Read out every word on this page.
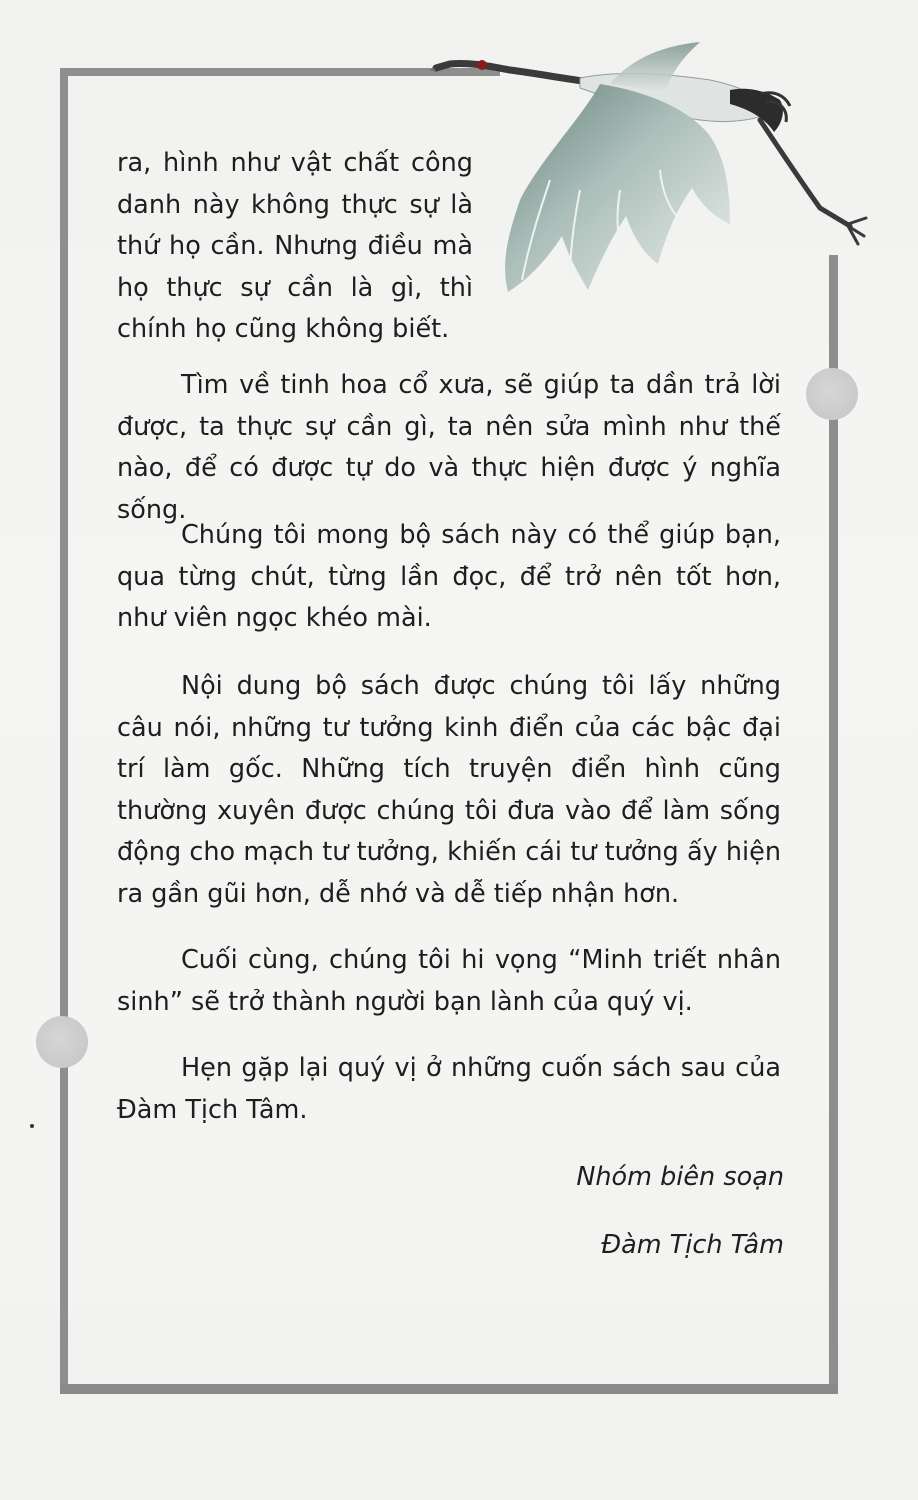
ra, hình như vật chất công danh này không thực sự là thứ họ cần. Nhưng điều mà họ thực sự cần là gì, thì chính họ cũng không biết.
Tìm về tinh hoa cổ xưa, sẽ giúp ta dần trả lời được, ta thực sự cần gì, ta nên sửa mình như thế nào, để có được tự do và thực hiện được ý nghĩa sống.
Chúng tôi mong bộ sách này có thể giúp bạn, qua từng chút, từng lần đọc, để trở nên tốt hơn, như viên ngọc khéo mài.
Nội dung bộ sách được chúng tôi lấy những câu nói, những tư tưởng kinh điển của các bậc đại trí làm gốc. Những tích truyện điển hình cũng thường xuyên được chúng tôi đưa vào để làm sống động cho mạch tư tưởng, khiến cái tư tưởng ấy hiện ra gần gũi hơn, dễ nhớ và dễ tiếp nhận hơn.
Cuối cùng, chúng tôi hi vọng “Minh triết nhân sinh” sẽ trở thành người bạn lành của quý vị.
Hẹn gặp lại quý vị ở những cuốn sách sau của Đàm Tịch Tâm.
Nhóm biên soạn
Đàm Tịch Tâm
